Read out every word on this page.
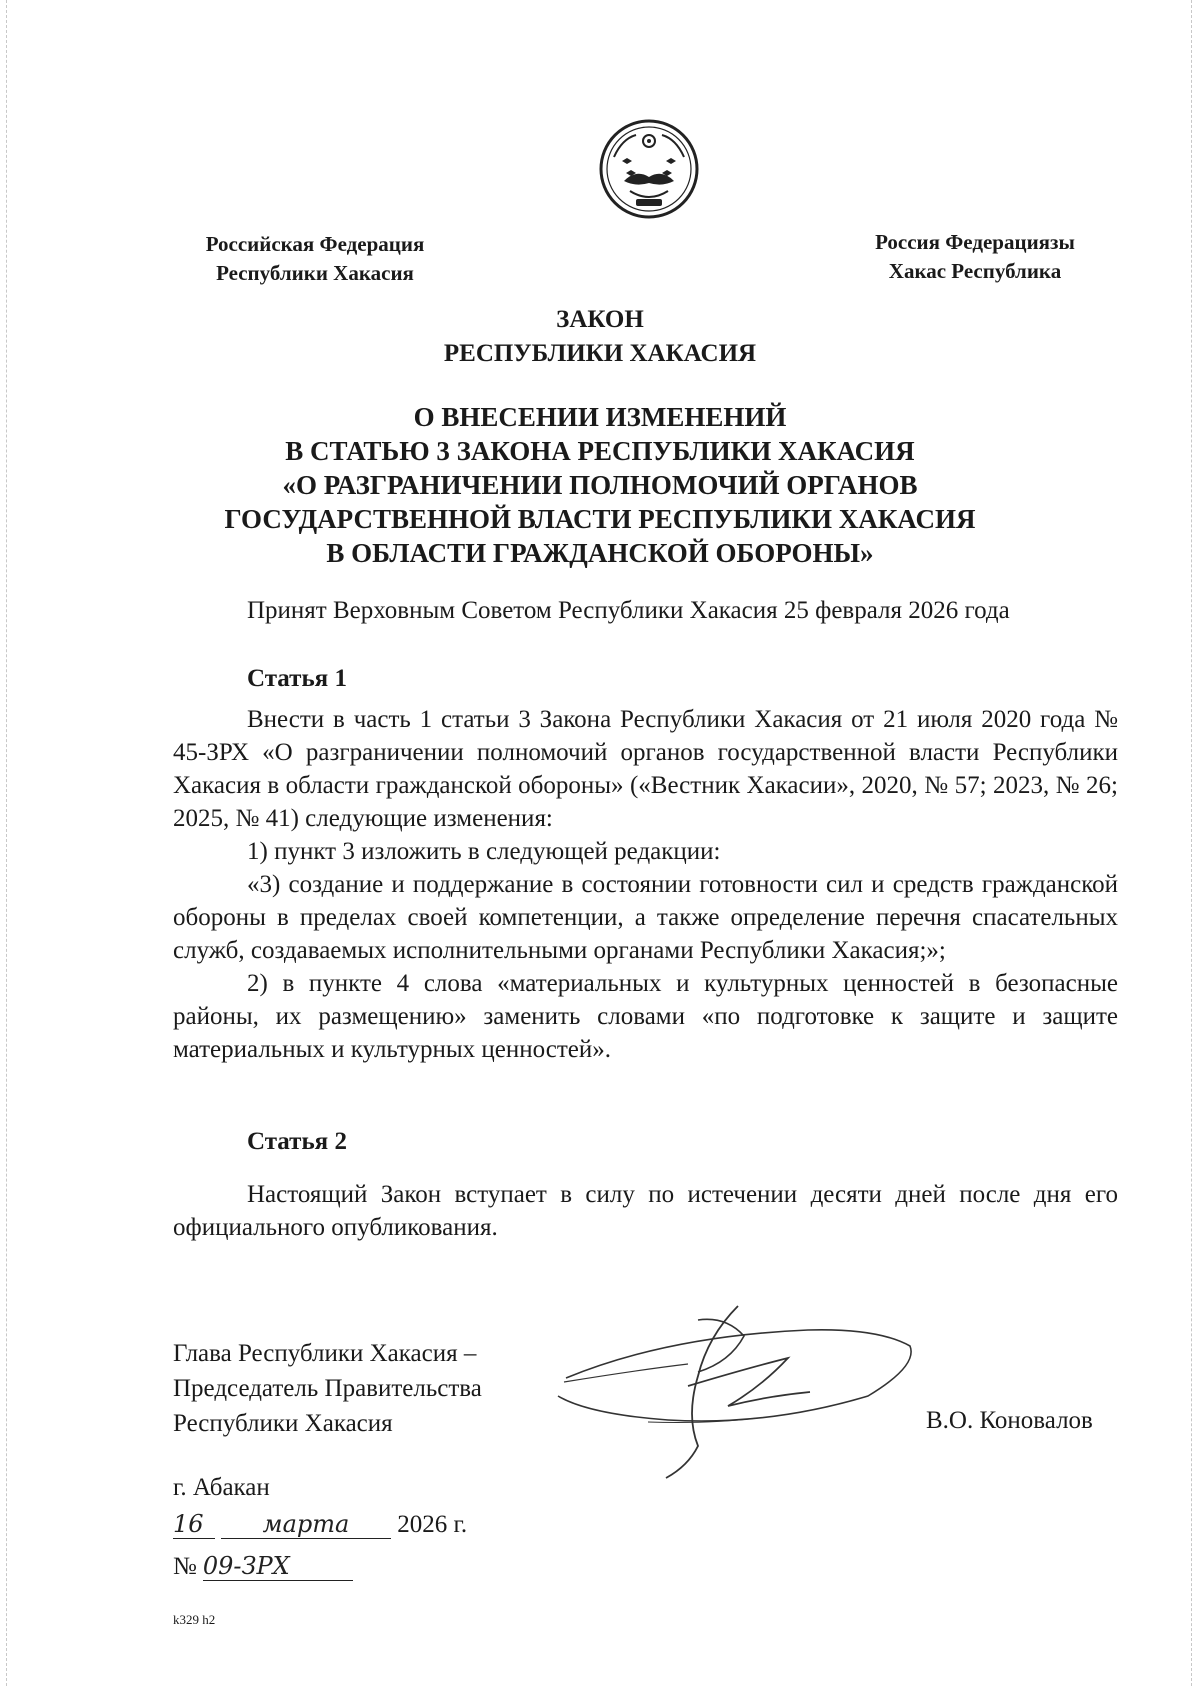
Российская Федерация
Республики Хакасия
Россия Федерациязы
Хакас Республика
ЗАКОН
РЕСПУБЛИКИ ХАКАСИЯ
О ВНЕСЕНИИ ИЗМЕНЕНИЙ
В СТАТЬЮ 3 ЗАКОНА РЕСПУБЛИКИ ХАКАСИЯ
«О РАЗГРАНИЧЕНИИ ПОЛНОМОЧИЙ ОРГАНОВ
ГОСУДАРСТВЕННОЙ ВЛАСТИ РЕСПУБЛИКИ ХАКАСИЯ
В ОБЛАСТИ ГРАЖДАНСКОЙ ОБОРОНЫ»
Принят Верховным Советом Республики Хакасия 25 февраля 2026 года
Статья 1

Внести в часть 1 статьи 3 Закона Республики Хакасия от 21 июля 2020 года № 45-ЗРХ «О разграничении полномочий органов государственной власти Республики Хакасия в области гражданской обороны» («Вестник Хакасии», 2020, № 57; 2023, № 26; 2025, № 41) следующие изменения:

1) пункт 3 изложить в следующей редакции:

«3) создание и поддержание в состоянии готовности сил и средств гражданской обороны в пределах своей компетенции, а также определение перечня спасательных служб, создаваемых исполнительными органами Республики Хакасия;»;

2) в пункте 4 слова «материальных и культурных ценностей в безопасные районы, их размещению» заменить словами «по подготовке к защите и защите материальных и культурных ценностей».

Статья 2

Настоящий Закон вступает в силу по истечении десяти дней после дня его официального опубликования.

Глава Республики Хакасия –
Председатель Правительства
Республики Хакасия	В.О. Коновалов
г. Абакан
16 марта 2026 г.
№ 09-ЗРХ
k329 h2
